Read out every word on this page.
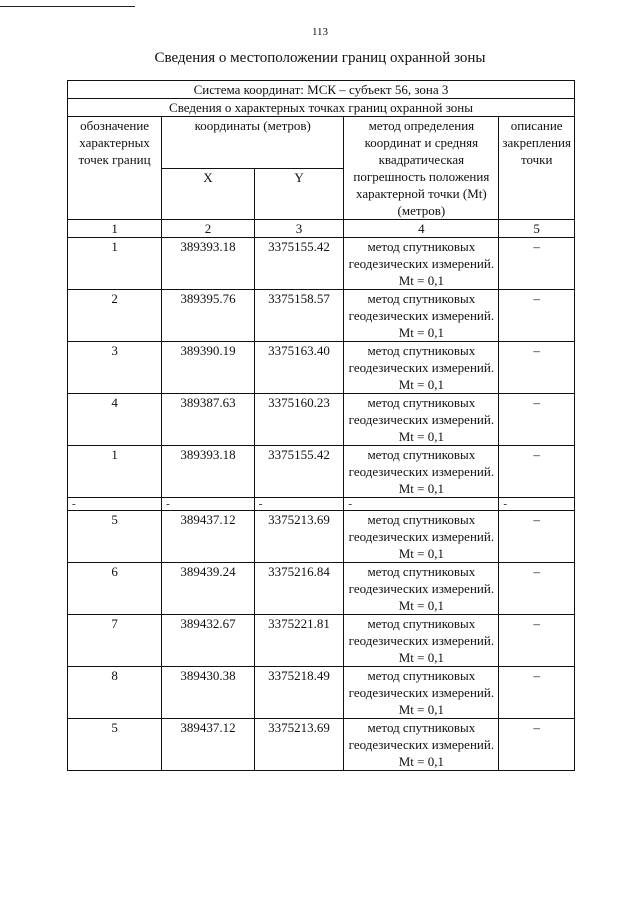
113
Сведения о местоположении границ охранной зоны
Система координат: МСК – субъект 56, зона 3				
Сведения о характерных точках границ охранной зоны				
обозначение характерных точек границ	координаты (метров)		метод определения координат и средняя квадратическая погрешность положения характерной точки (Mt) (метров)	описание закрепления точки
	X	Y		
1	2	3	4	5
1	389393.18	3375155.42	метод спутниковых геодезических измерений. Mt = 0,1	–
2	389395.76	3375158.57	метод спутниковых геодезических измерений. Mt = 0,1	–
3	389390.19	3375163.40	метод спутниковых геодезических измерений. Mt = 0,1	–
4	389387.63	3375160.23	метод спутниковых геодезических измерений. Mt = 0,1	–
1	389393.18	3375155.42	метод спутниковых геодезических измерений. Mt = 0,1	–
-	-	-	-	-
5	389437.12	3375213.69	метод спутниковых геодезических измерений. Mt = 0,1	–
6	389439.24	3375216.84	метод спутниковых геодезических измерений. Mt = 0,1	–
7	389432.67	3375221.81	метод спутниковых геодезических измерений. Mt = 0,1	–
8	389430.38	3375218.49	метод спутниковых геодезических измерений. Mt = 0,1	–
5	389437.12	3375213.69	метод спутниковых геодезических измерений. Mt = 0,1	–
